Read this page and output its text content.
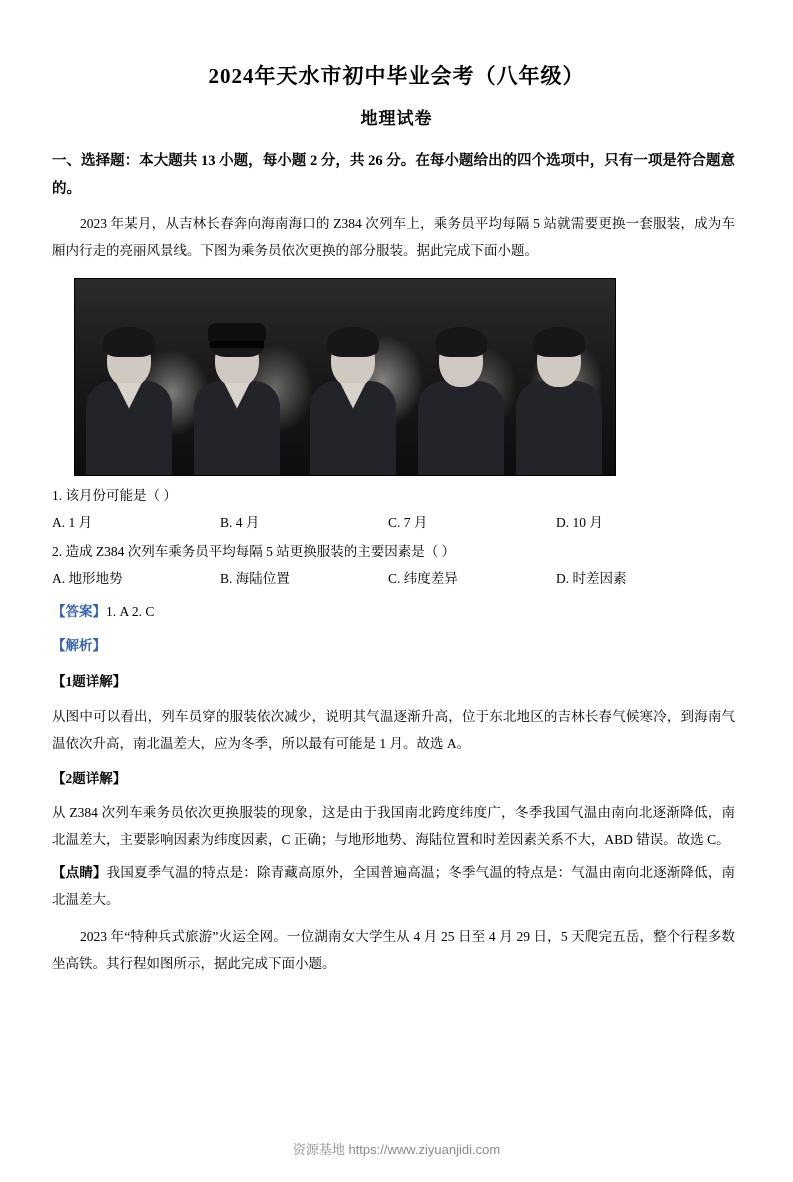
2024年天水市初中毕业会考（八年级）
地理试卷
一、选择题：本大题共 13 小题，每小题 2 分，共 26 分。在每小题给出的四个选项中，只有一项是符合题意的。
2023 年某月，从吉林长春奔向海南海口的 Z384 次列车上，乘务员平均每隔 5 站就需要更换一套服装，成为车厢内行走的亮丽风景线。下图为乘务员依次更换的部分服装。据此完成下面小题。
1. 该月份可能是（ ）
A. 1 月	B. 4 月	C. 7 月	D. 10 月
2. 造成 Z384 次列车乘务员平均每隔 5 站更换服装的主要因素是（ ）
A. 地形地势	B. 海陆位置	C. 纬度差异	D. 时差因素
【答案】1. A 2. C
【解析】
【1题详解】
从图中可以看出，列车员穿的服装依次减少，说明其气温逐渐升高，位于东北地区的吉林长春气候寒冷，到海南气温依次升高，南北温差大，应为冬季，所以最有可能是 1 月。故选 A。
【2题详解】
从 Z384 次列车乘务员依次更换服装的现象，这是由于我国南北跨度纬度广，冬季我国气温由南向北逐渐降低，南北温差大，主要影响因素为纬度因素，C 正确；与地形地势、海陆位置和时差因素关系不大，ABD 错误。故选 C。
【点睛】我国夏季气温的特点是：除青藏高原外，全国普遍高温；冬季气温的特点是：气温由南向北逐渐降低，南北温差大。
2023 年“特种兵式旅游”火运全网。一位湖南女大学生从 4 月 25 日至 4 月 29 日，5 天爬完五岳，整个行程多数坐高铁。其行程如图所示，据此完成下面小题。
资源基地 https://www.ziyuanjidi.com
